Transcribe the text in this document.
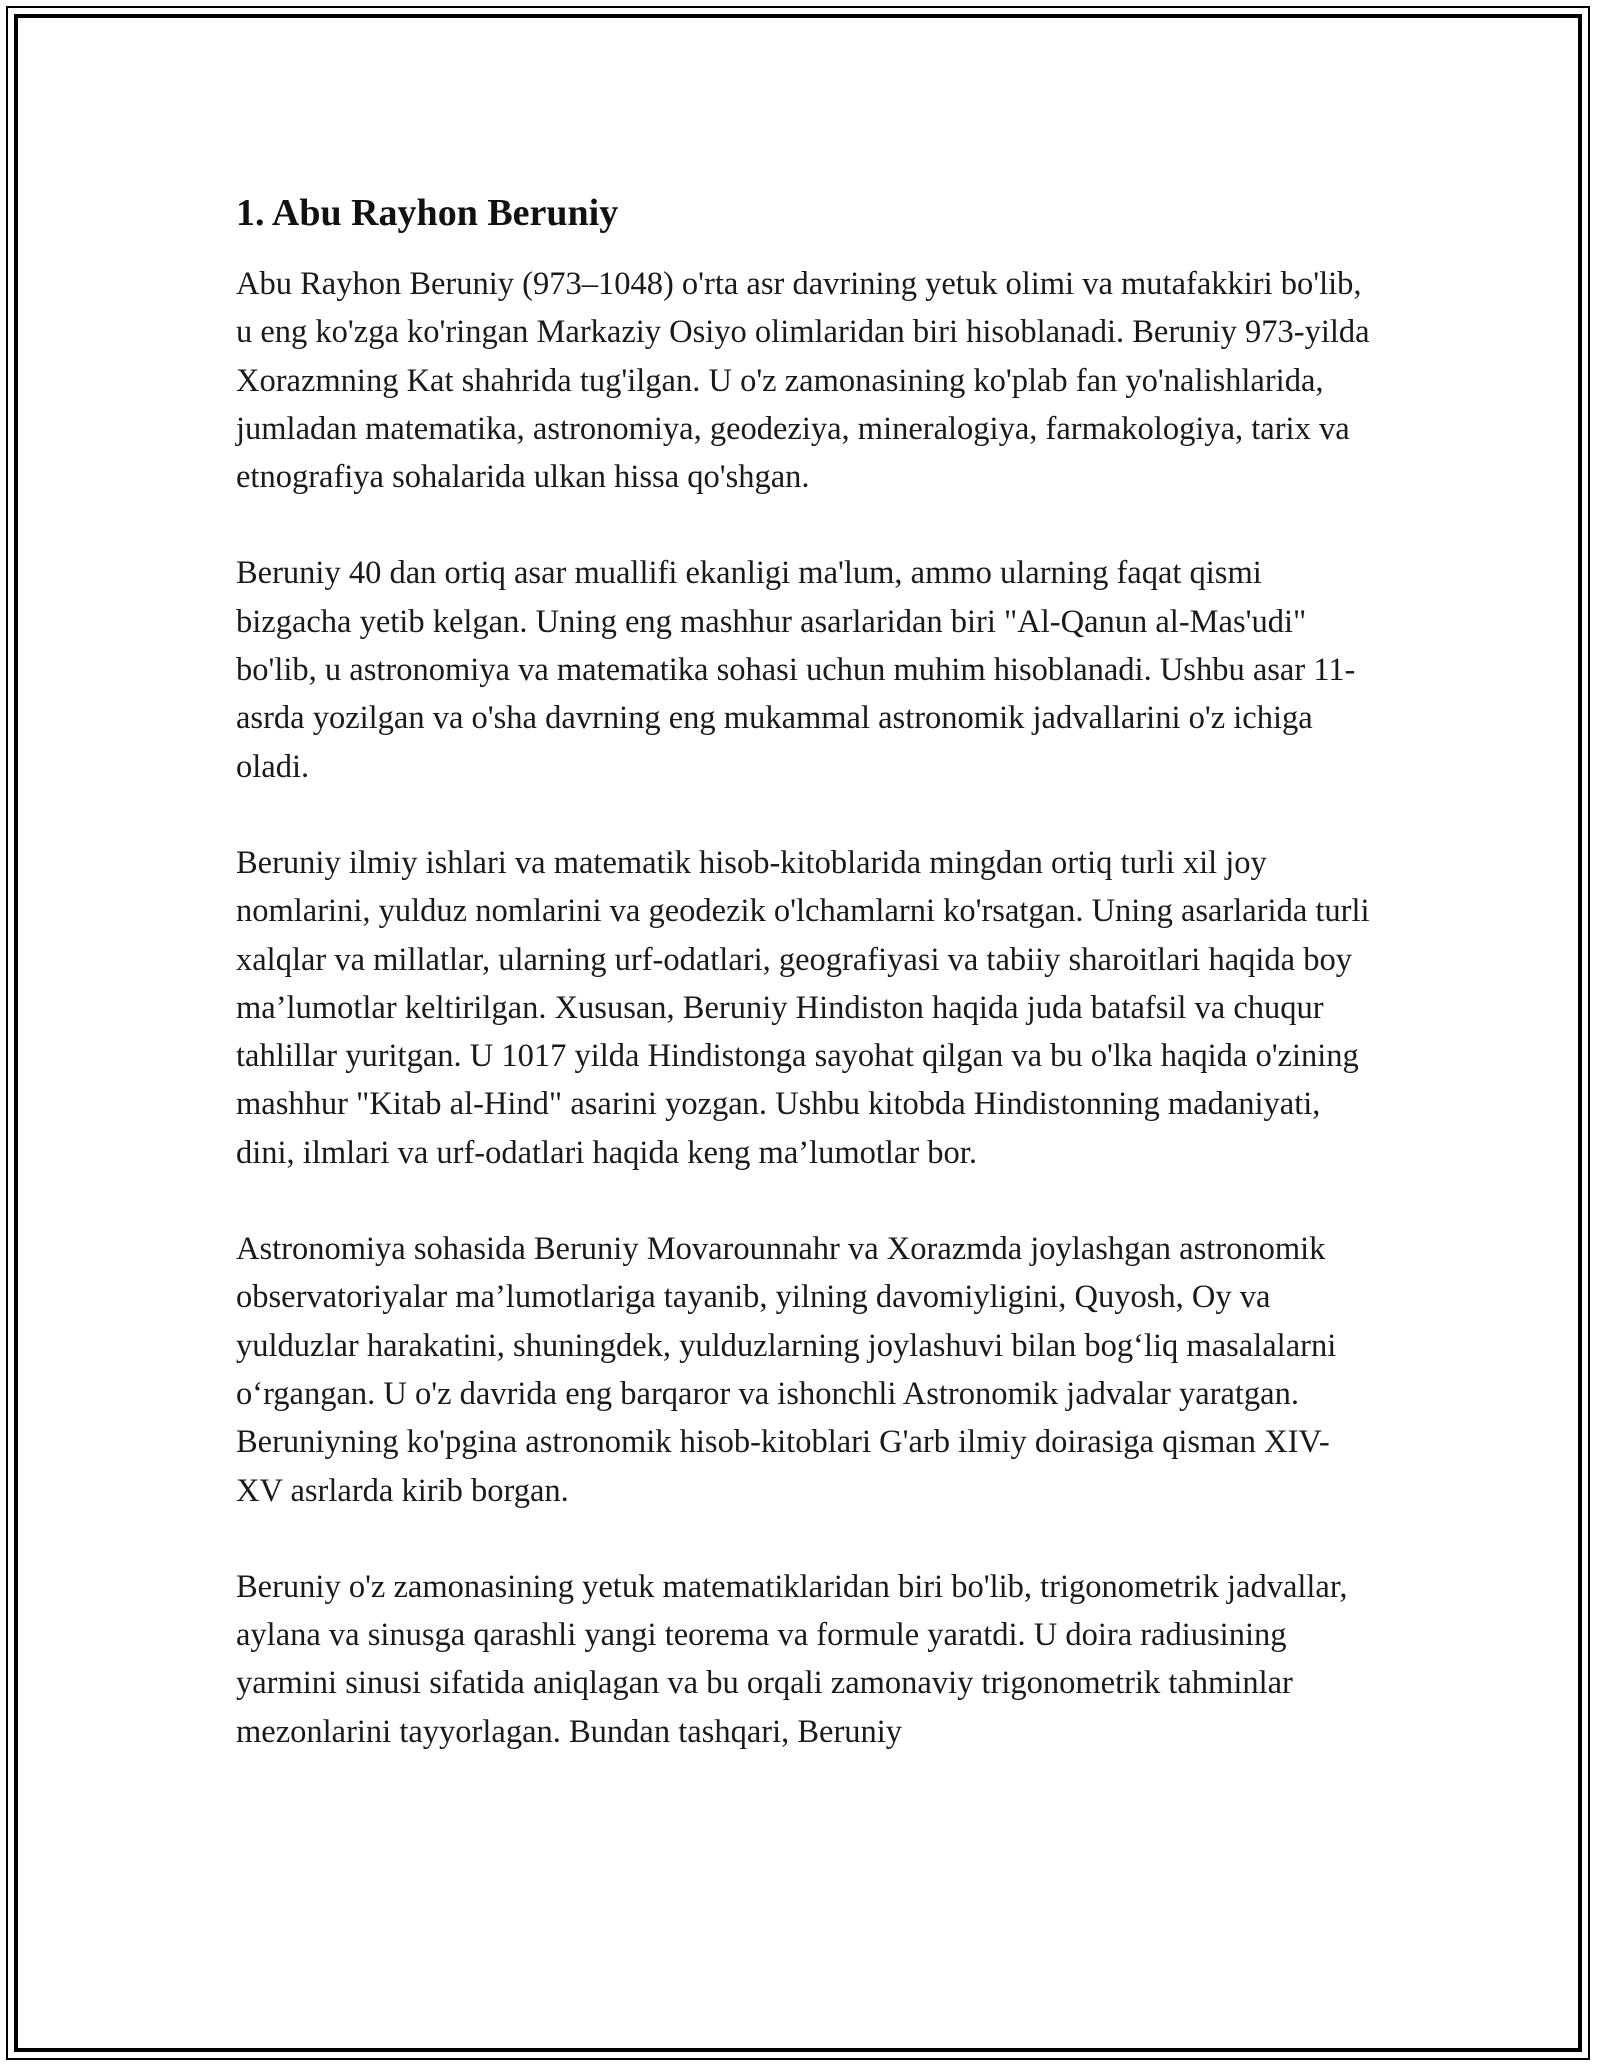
1. Abu Rayhon Beruniy

Abu Rayhon Beruniy (973–1048) o'rta asr davrining yetuk olimi va mutafakkiri bo'lib, u eng ko'zga ko'ringan Markaziy Osiyo olimlaridan biri hisoblanadi. Beruniy 973-yilda Xorazmning Kat shahrida tug'ilgan. U o'z zamonasining ko'plab fan yo'nalishlarida, jumladan matematika, astronomiya, geodeziya, mineralogiya, farmakologiya, tarix va etnografiya sohalarida ulkan hissa qo'shgan.

Beruniy 40 dan ortiq asar muallifi ekanligi ma'lum, ammo ularning faqat qismi bizgacha yetib kelgan. Uning eng mashhur asarlaridan biri "Al-Qanun al-Mas'udi" bo'lib, u astronomiya va matematika sohasi uchun muhim hisoblanadi. Ushbu asar 11-asrda yozilgan va o'sha davrning eng mukammal astronomik jadvallarini o'z ichiga oladi.

Beruniy ilmiy ishlari va matematik hisob-kitoblarida mingdan ortiq turli xil joy nomlarini, yulduz nomlarini va geodezik o'lchamlarni ko'rsatgan. Uning asarlarida turli xalqlar va millatlar, ularning urf-odatlari, geografiyasi va tabiiy sharoitlari haqida boy ma’lumotlar keltirilgan. Xususan, Beruniy Hindiston haqida juda batafsil va chuqur tahlillar yuritgan. U 1017 yilda Hindistonga sayohat qilgan va bu o'lka haqida o'zining mashhur "Kitab al-Hind" asarini yozgan. Ushbu kitobda Hindistonning madaniyati, dini, ilmlari va urf-odatlari haqida keng ma’lumotlar bor.

Astronomiya sohasida Beruniy Movarounnahr va Xorazmda joylashgan astronomik observatoriyalar ma’lumotlariga tayanib, yilning davomiyligini, Quyosh, Oy va yulduzlar harakatini, shuningdek, yulduzlarning joylashuvi bilan bog‘liq masalalarni o‘rgangan. U o'z davrida eng barqaror va ishonchli Astronomik jadvalar yaratgan. Beruniyning ko'pgina astronomik hisob-kitoblari G'arb ilmiy doirasiga qisman XIV-XV asrlarda kirib borgan.

Beruniy o'z zamonasining yetuk matematiklaridan biri bo'lib, trigonometrik jadvallar, aylana va sinusga qarashli yangi teorema va formule yaratdi. U doira radiusining yarmini sinusi sifatida aniqlagan va bu orqali zamonaviy trigonometrik tahminlar mezonlarini tayyorlagan. Bundan tashqari, Beruniy
